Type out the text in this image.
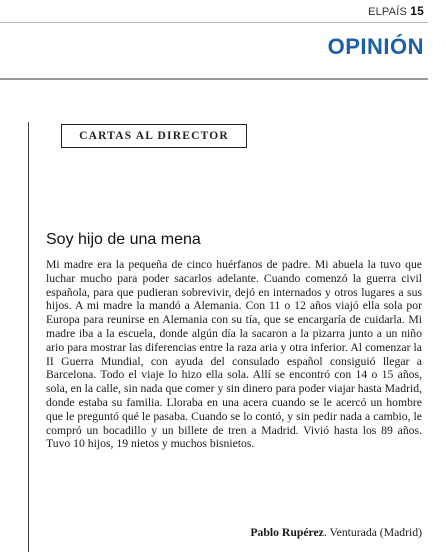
ELPAÍS 15
OPINIÓN
CARTAS AL DIRECTOR
Soy hijo de una mena

Mi madre era la pequeña de cinco huérfanos de padre. Mi abuela la tuvo que luchar mucho para poder sacarlos adelante. Cuando comenzó la guerra civil española, para que pudieran sobrevivir, dejó en internados y otros lugares a sus hijos. A mi madre la mandó a Alemania. Con 11 o 12 años viajó ella sola por Europa para reunirse en Alemania con su tía, que se encargaría de cuidarla. Mi madre iba a la escuela, donde algún día la sacaron a la pizarra junto a un niño ario para mostrar las diferencias entre la raza aria y otra inferior. Al comenzar la II Guerra Mundial, con ayuda del consulado español consiguió llegar a Barcelona. Todo el viaje lo hizo ella sola. Allí se encontró con 14 o 15 años, sola, en la calle, sin nada que comer y sin dinero para poder viajar hasta Madrid, donde estaba su familia. Lloraba en una acera cuando se le acercó un hombre que le preguntó qué le pasaba. Cuando se lo contó, y sin pedir nada a cambio, le compró un bocadillo y un billete de tren a Madrid. Vivió hasta los 89 años. Tuvo 10 hijos, 19 nietos y muchos bisnietos.

Pablo Rupérez. Venturada (Madrid)
